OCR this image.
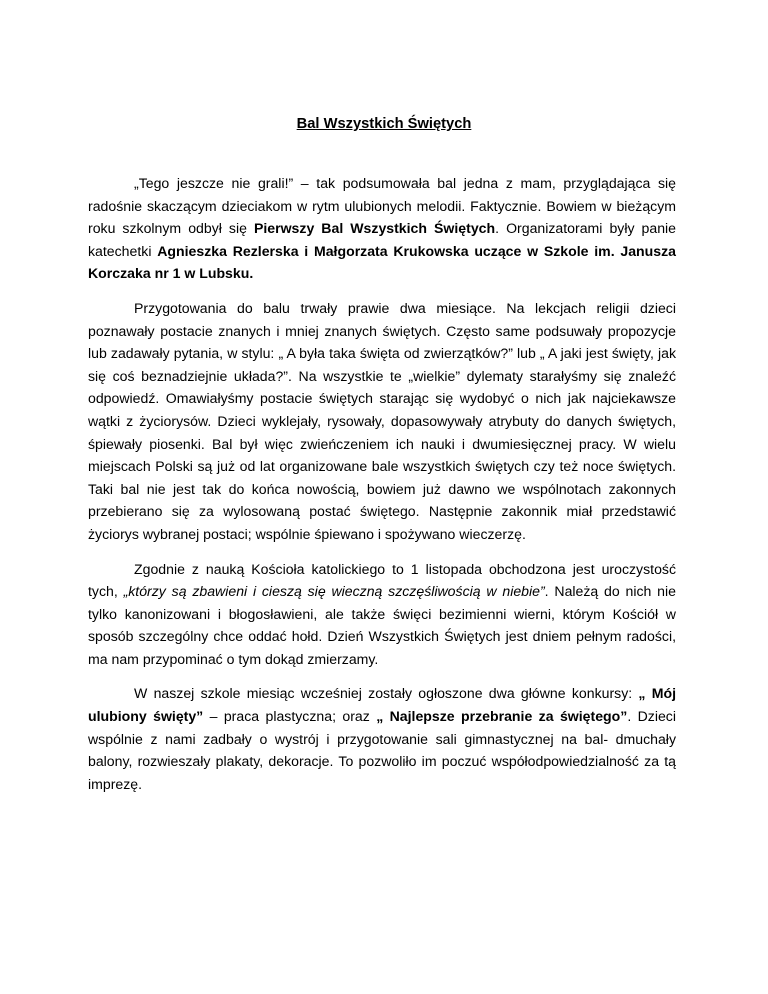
Bal Wszystkich Świętych

„Tego jeszcze nie grali!” – tak podsumowała bal jedna z mam, przyglądająca się radośnie skaczącym dzieciakom w rytm ulubionych melodii. Faktycznie. Bowiem w bieżącym roku szkolnym odbył się Pierwszy Bal Wszystkich Świętych. Organizatorami były panie katechetki Agnieszka Rezlerska i Małgorzata Krukowska uczące w Szkole im. Janusza Korczaka nr 1 w Lubsku.

Przygotowania do balu trwały prawie dwa miesiące. Na lekcjach religii dzieci poznawały postacie znanych i mniej znanych świętych. Często same podsuwały propozycje lub zadawały pytania, w stylu: „ A była taka święta od zwierzątków?” lub „ A jaki jest święty, jak się coś beznadziejnie układa?”. Na wszystkie te „wielkie” dylematy starałyśmy się znaleźć odpowiedź. Omawiałyśmy postacie świętych starając się wydobyć o nich jak najciekawsze wątki z życiorysów. Dzieci wyklejały, rysowały, dopasowywały atrybuty do danych świętych, śpiewały piosenki. Bal był więc zwieńczeniem ich nauki i dwumiesięcznej pracy. W wielu miejscach Polski są już od lat organizowane bale wszystkich świętych czy też noce świętych. Taki bal nie jest tak do końca nowością, bowiem już dawno we wspólnotach zakonnych przebierano się za wylosowaną postać świętego. Następnie zakonnik miał przedstawić życiorys wybranej postaci; wspólnie śpiewano i spożywano wieczerzę.

Zgodnie z nauką Kościoła katolickiego to 1 listopada obchodzona jest uroczystość tych, „którzy są zbawieni i cieszą się wieczną szczęśliwością w niebie”. Należą do nich nie tylko kanonizowani i błogosławieni, ale także święci bezimienni wierni, którym Kościół w sposób szczególny chce oddać hołd. Dzień Wszystkich Świętych jest dniem pełnym radości, ma nam przypominać o tym dokąd zmierzamy.

W naszej szkole miesiąc wcześniej zostały ogłoszone dwa główne konkursy: „ Mój ulubiony święty” – praca plastyczna; oraz „ Najlepsze przebranie za świętego”. Dzieci wspólnie z nami zadbały o wystrój i przygotowanie sali gimnastycznej na bal- dmuchały balony, rozwieszały plakaty, dekoracje. To pozwoliło im poczuć współodpowiedzialność za tą imprezę.
